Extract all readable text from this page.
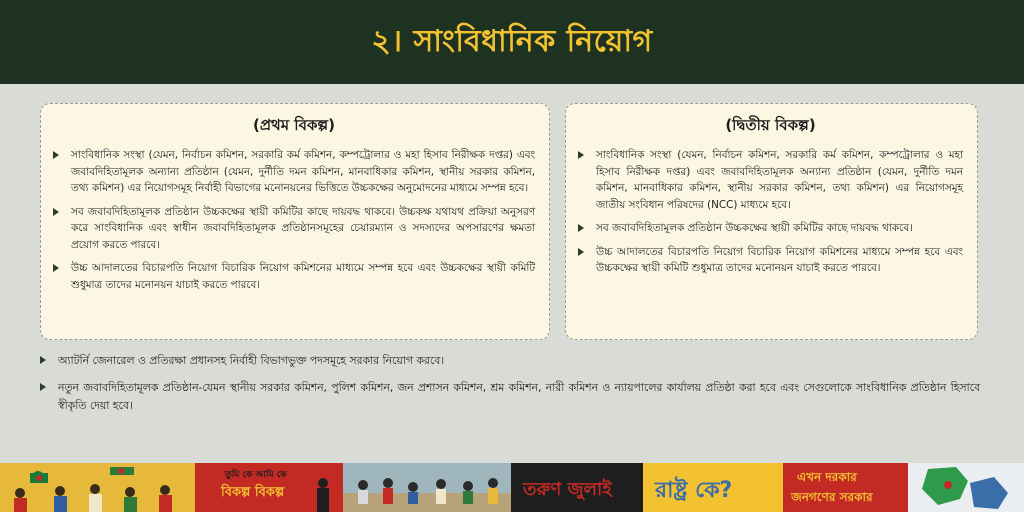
২। সাংবিধানিক নিয়োগ
(প্রথম বিকল্প)
সাংবিধানিক সংস্থা (যেমন, নির্বাচন কমিশন, সরকারি কর্ম কমিশন, কম্পট্রোলার ও মহা হিসাব নিরীক্ষক দপ্তর) এবং জবাবদিহিতামূলক অন্যান্য প্রতিষ্ঠান (যেমন, দুর্নীতি দমন কমিশন, মানবাধিকার কমিশন, স্থানীয় সরকার কমিশন, তথ্য কমিশন) এর নিয়োগসমূহ নির্বাহী বিভাগের মনোনয়নের ভিত্তিতে উচ্চকক্ষের অনুমোদনের মাধ্যমে সম্পন্ন হবে।
সব জবাবদিহিতামূলক প্রতিষ্ঠান উচ্চকক্ষের স্থায়ী কমিটির কাছে দায়বদ্ধ থাকবে। উচ্চকক্ষ যথাযথ প্রক্রিয়া অনুসরণ করে সাংবিধানিক এবং স্বাধীন জবাবদিহিতামূলক প্রতিষ্ঠানসমূহের চেয়ারম্যান ও সদস্যদের অপসারণের ক্ষমতা প্রয়োগ করতে পারবে।
উচ্চ আদালতের বিচারপতি নিয়োগ বিচারিক নিয়োগ কমিশনের মাধ্যমে সম্পন্ন হবে এবং উচ্চকক্ষের স্থায়ী কমিটি শুধুমাত্র তাদের মনোনয়ন যাচাই করতে পারবে।
(দ্বিতীয় বিকল্প)
সাংবিধানিক সংস্থা (যেমন, নির্বাচন কমিশন, সরকারি কর্ম কমিশন, কম্পট্রোলার ও মহা হিসাব নিরীক্ষক দপ্তর) এবং জবাবদিহিতামূলক অন্যান্য প্রতিষ্ঠান (যেমন, দুর্নীতি দমন কমিশন, মানবাধিকার কমিশন, স্থানীয় সরকার কমিশন, তথ্য কমিশন) এর নিয়োগসমূহ জাতীয় সংবিধান পরিষদের (NCC) মাধ্যমে হবে।
সব জবাবদিহিতামূলক প্রতিষ্ঠান উচ্চকক্ষের স্থায়ী কমিটির কাছে দায়বদ্ধ থাকবে।
উচ্চ আদালতের বিচারপতি নিয়োগ বিচারিক নিয়োগ কমিশনের মাধ্যমে সম্পন্ন হবে এবং উচ্চকক্ষের স্থায়ী কমিটি শুধুমাত্র তাদের মনোনয়ন যাচাই করতে পারবে।
অ্যাটর্নি জেনারেল ও প্রতিরক্ষা প্রধানসহ নির্বাহী বিভাগভুক্ত পদসমূহে সরকার নিয়োগ করবে।
নতুন জবাবদিহিতামূলক প্রতিষ্ঠান-যেমন স্থানীয় সরকার কমিশন, পুলিশ কমিশন, জন প্রশাসন কমিশন, শ্রম কমিশন, নারী কমিশন ও ন্যায়পালের কার্যালয় প্রতিষ্ঠা করা হবে এবং সেগুলোকে সাংবিধানিক প্রতিষ্ঠান হিসাবে স্বীকৃতি দেয়া হবে।
তুমি কে আমি কে
বিকল্প বিকল্প	তরুণ জুলাই রাষ্ট্র কে?
এখন দরকার
জনগণের সরকার
